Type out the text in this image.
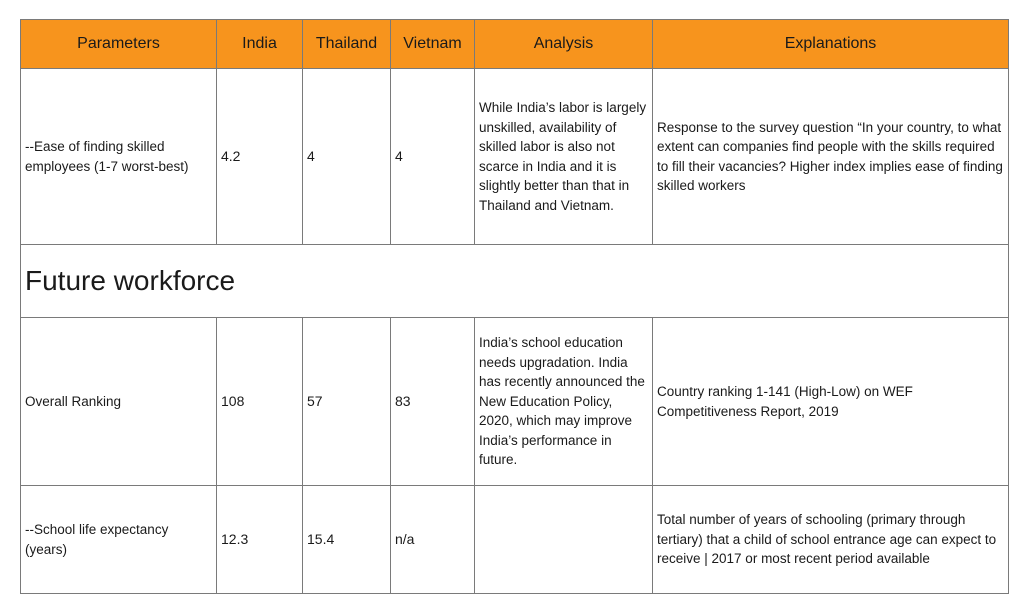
Parameters	India	Thailand	Vietnam	Analysis	Explanations
--Ease of finding skilled employees (1-7 worst-best)	4.2	4	4	While India’s labor is largely unskilled, availability of skilled labor is also not scarce in India and it is slightly better than that in Thailand and Vietnam.	Response to the survey question “In your country, to what extent can companies find people with the skills required to fill their vacancies? Higher index implies ease of finding skilled workers
Future workforce					
Overall Ranking	108	57	83	India’s school education needs upgradation. India has recently announced the New Education Policy, 2020, which may improve India’s performance in future.	Country ranking 1-141 (High-Low) on WEF Competitiveness Report, 2019
--School life expectancy (years)	12.3	15.4	n/a		Total number of years of schooling (primary through tertiary) that a child of school entrance age can expect to receive | 2017 or most recent period available
